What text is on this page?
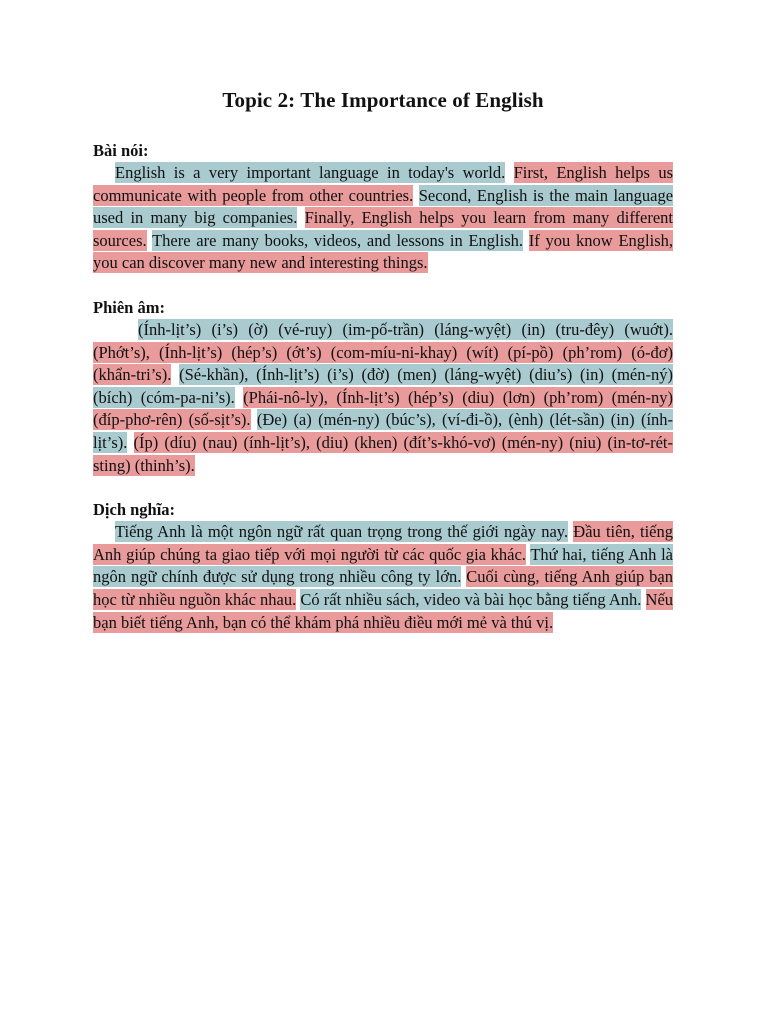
Topic 2: The Importance of English

Bài nói:

English is a very important language in today's world. First, English helps us communicate with people from other countries. Second, English is the main language used in many big companies. Finally, English helps you learn from many different sources. There are many books, videos, and lessons in English. If you know English, you can discover many new and interesting things.

Phiên âm:

(Ính-lịt’s) (i’s) (ờ) (vé-ruy) (im-pố-trần) (láng-wyệt) (in) (tru-đêy) (wuớt). (Phớt’s), (Ính-lịt’s) (hép’s) (ớt’s) (com-míu-ni-khay) (wít) (pí-pồ) (ph’rom) (ó-đơ) (khẩn-tri’s). (Sé-khần), (Ính-lịt’s) (i’s) (đờ) (men) (láng-wyệt) (diu’s) (in) (mén-ný) (bích) (cóm-pa-ni’s). (Phái-nô-ly), (Ính-lịt’s) (hép’s) (diu) (lơn) (ph’rom) (mén-ny) (đíp-phơ-rên) (số-sịt’s). (Đe) (a) (mén-ny) (búc’s), (ví-đi-ồ), (ènh) (lét-sần) (in) (ính-lịt’s). (Íp) (díu) (nau) (ính-lịt’s), (diu) (khen) (đít’s-khó-vơ) (mén-ny) (niu) (in-tơ-rét-sting) (thinh’s).

Dịch nghĩa:

Tiếng Anh là một ngôn ngữ rất quan trọng trong thế giới ngày nay. Đầu tiên, tiếng Anh giúp chúng ta giao tiếp với mọi người từ các quốc gia khác. Thứ hai, tiếng Anh là ngôn ngữ chính được sử dụng trong nhiều công ty lớn. Cuối cùng, tiếng Anh giúp bạn học từ nhiều nguồn khác nhau. Có rất nhiều sách, video và bài học bằng tiếng Anh. Nếu bạn biết tiếng Anh, bạn có thể khám phá nhiều điều mới mẻ và thú vị.
